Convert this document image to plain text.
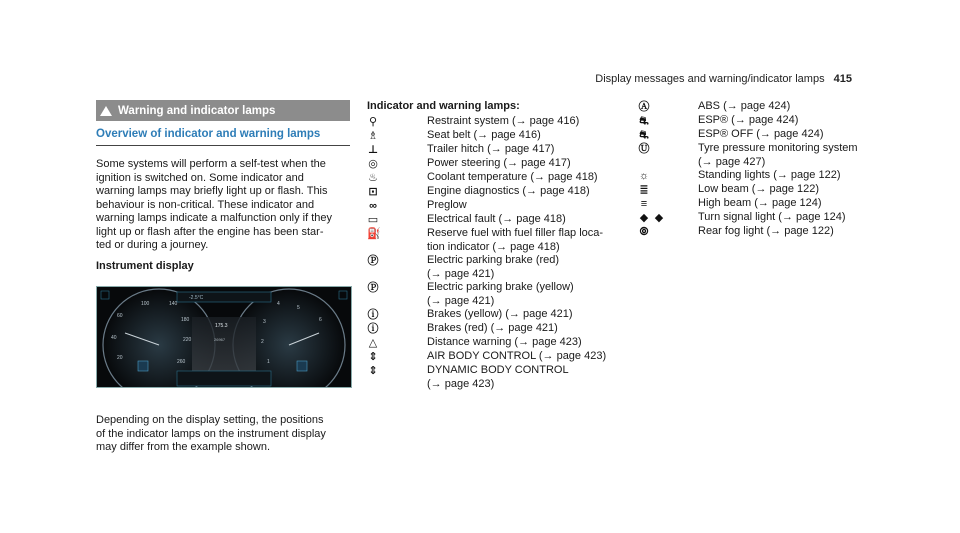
Display messages and warning/indicator lamps 415
Warning and indicator lamps
Overview of indicator and warning lamps
Some systems will perform a self-test when the
ignition is switched on. Some indicator and
warning lamps may briefly light up or flash. This
behaviour is non-critical. These indicator and
warning lamps indicate a malfunction only if they
light up or flash after the engine has been star-
ted or during a journey.
Instrument display
100	140
180
220
260
60
40
20
4
5
3
2
1
6
-2.5°C
175.3
26967
Depending on the display setting, the positions
of the indicator lamps on the instrument display
may differ from the example shown.
Indicator and warning lamps:
⚲	Restraint system (→ page 416)
♗	Seat belt (→ page 416)
⊥	Trailer hitch (→ page 417)
◎	Power steering (→ page 417)
♨	Coolant temperature (→ page 418)
⊡	Engine diagnostics (→ page 418)
∞	Preglow
▭	Electrical fault (→ page 418)
⛽	Reserve fuel with fuel filler flap loca-
tion indicator (→ page 418)
Ⓟ	Electric parking brake (red)
(→ page 421)
Ⓟ	Electric parking brake (yellow)
(→ page 421)
ⓘ	Brakes (yellow) (→ page 421)
ⓘ	Brakes (red) (→ page 421)
△	Distance warning (→ page 423)
⇕	AIR BODY CONTROL (→ page 423)
⇕	DYNAMIC BODY CONTROL
(→ page 423)
Ⓐ	ABS (→ page 424)
⛐	ESP® (→ page 424)
⛐	ESP® OFF (→ page 424)
Ⓤ	Tyre pressure monitoring system
(→ page 427)
☼	Standing lights (→ page 122)
≣	Low beam (→ page 122)
≡	High beam (→ page 124)
◆ ◆	Turn signal light (→ page 124)
⦾	Rear fog light (→ page 122)
